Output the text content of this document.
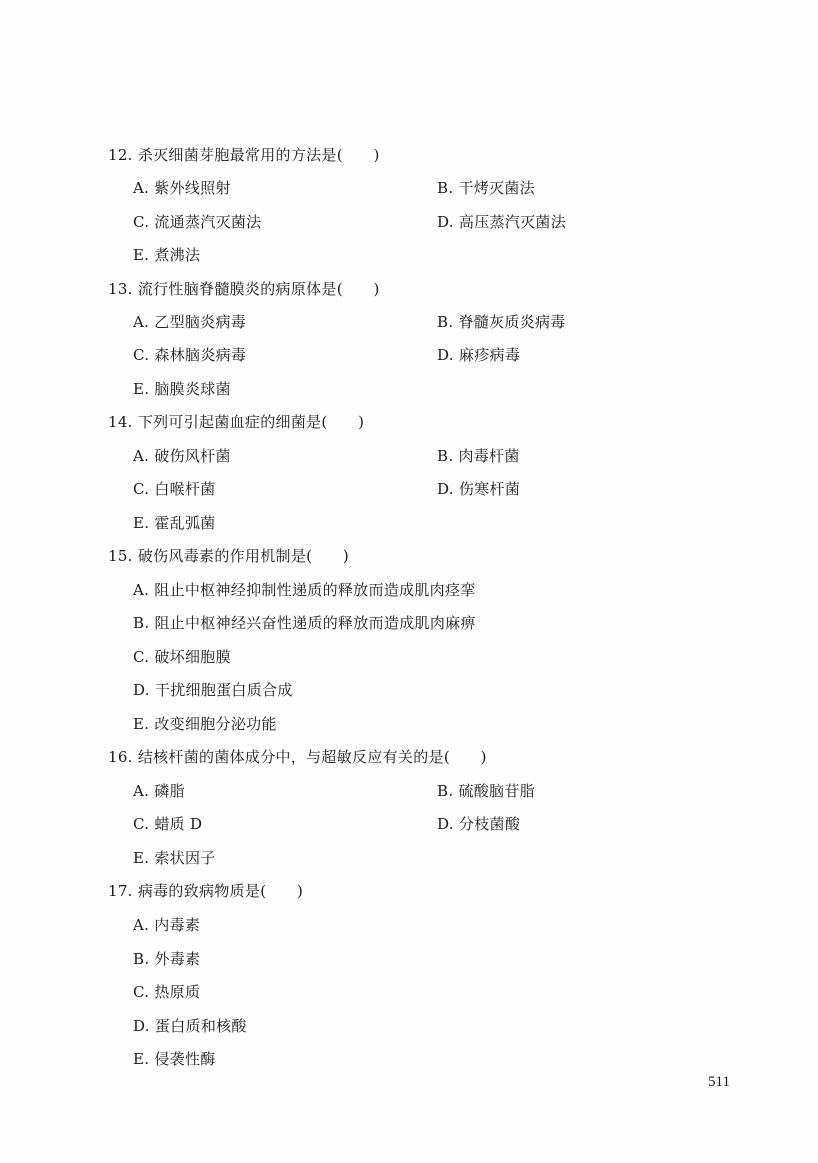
12. 杀灭细菌芽胞最常用的方法是(　　)
A. 紫外线照射	B. 干烤灭菌法
C. 流通蒸汽灭菌法	D. 高压蒸汽灭菌法
E. 煮沸法
13. 流行性脑脊髓膜炎的病原体是(　　)
A. 乙型脑炎病毒	B. 脊髓灰质炎病毒
C. 森林脑炎病毒	D. 麻疹病毒
E. 脑膜炎球菌
14. 下列可引起菌血症的细菌是(　　)
A. 破伤风杆菌	B. 肉毒杆菌
C. 白喉杆菌	D. 伤寒杆菌
E. 霍乱弧菌
15. 破伤风毒素的作用机制是(　　)
A. 阻止中枢神经抑制性递质的释放而造成肌肉痉挛
B. 阻止中枢神经兴奋性递质的释放而造成肌肉麻痹
C. 破坏细胞膜
D. 干扰细胞蛋白质合成
E. 改变细胞分泌功能
16. 结核杆菌的菌体成分中，与超敏反应有关的是(　　)
A. 磷脂	B. 硫酸脑苷脂
C. 蜡质 D	D. 分枝菌酸
E. 索状因子
17. 病毒的致病物质是(　　)
A. 内毒素
B. 外毒素
C. 热原质
D. 蛋白质和核酸
E. 侵袭性酶
511
